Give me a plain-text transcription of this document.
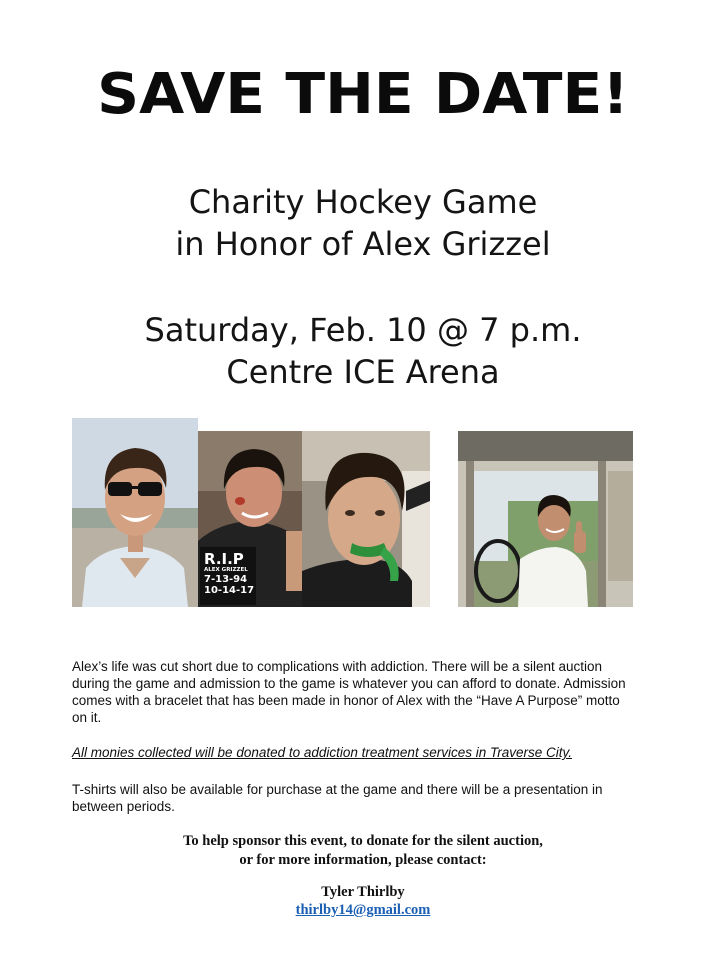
SAVE THE DATE!
Charity Hockey Game
in Honor of Alex Grizzel
Saturday, Feb. 10 @ 7 p.m.
Centre ICE Arena
R.I.P
ALEX GRIZZEL
7-13-94
10-14-17
Alex’s life was cut short due to complications with addiction. There will be a silent auction during the game and admission to the game is whatever you can afford to donate. Admission comes with a bracelet that has been made in honor of Alex with the “Have A Purpose” motto on it.
All monies collected will be donated to addiction treatment services in Traverse City.
T-shirts will also be available for purchase at the game and there will be a presentation in between periods.
To help sponsor this event, to donate for the silent auction,
or for more information, please contact:
Tyler Thirlby
thirlby14@gmail.com
